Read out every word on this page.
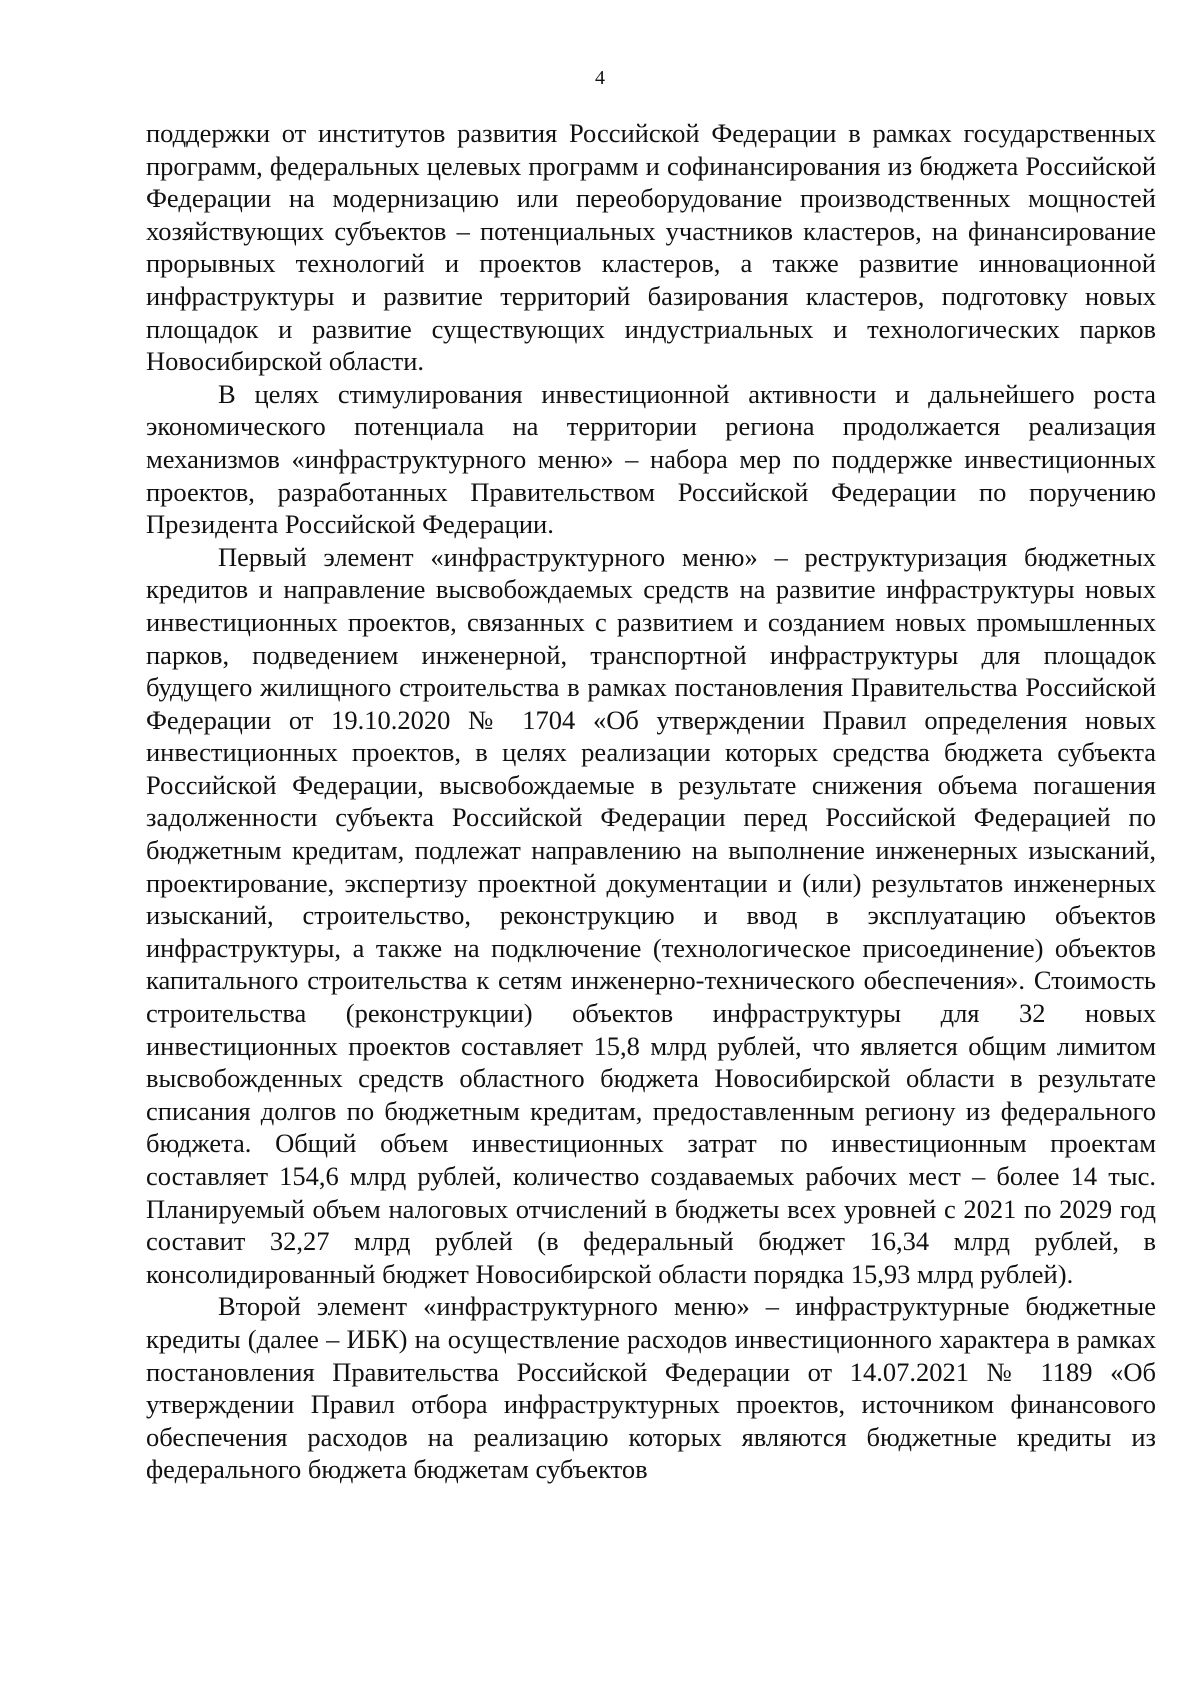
4

поддержки от институтов развития Российской Федерации в рамках государственных программ, федеральных целевых программ и софинансирования из бюджета Российской Федерации на модернизацию или переоборудование производственных мощностей хозяйствующих субъектов – потенциальных участников кластеров, на финансирование прорывных технологий и проектов кластеров, а также развитие инновационной инфраструктуры и развитие территорий базирования кластеров, подготовку новых площадок и развитие существующих индустриальных и технологических парков Новосибирской области.

В целях стимулирования инвестиционной активности и дальнейшего роста экономического потенциала на территории региона продолжается реализация механизмов «инфраструктурного меню» – набора мер по поддержке инвестиционных проектов, разработанных Правительством Российской Федерации по поручению Президента Российской Федерации.

Первый элемент «инфраструктурного меню» – реструктуризация бюджетных кредитов и направление высвобождаемых средств на развитие инфраструктуры новых инвестиционных проектов, связанных с развитием и созданием новых промышленных парков, подведением инженерной, транспортной инфраструктуры для площадок будущего жилищного строительства в рамках постановления Правительства Российской Федерации от 19.10.2020 № 1704 «Об утверждении Правил определения новых инвестиционных проектов, в целях реализации которых средства бюджета субъекта Российской Федерации, высвобождаемые в результате снижения объема погашения задолженности субъекта Российской Федерации перед Российской Федерацией по бюджетным кредитам, подлежат направлению на выполнение инженерных изысканий, проектирование, экспертизу проектной документации и (или) результатов инженерных изысканий, строительство, реконструкцию и ввод в эксплуатацию объектов инфраструктуры, а также на подключение (технологическое присоединение) объектов капитального строительства к сетям инженерно-технического обеспечения». Стоимость строительства (реконструкции) объектов инфраструктуры для 32 новых инвестиционных проектов составляет 15,8 млрд рублей, что является общим лимитом высвобожденных средств областного бюджета Новосибирской области в результате списания долгов по бюджетным кредитам, предоставленным региону из федерального бюджета. Общий объем инвестиционных затрат по инвестиционным проектам составляет 154,6 млрд рублей, количество создаваемых рабочих мест – более 14 тыс. Планируемый объем налоговых отчислений в бюджеты всех уровней с 2021 по 2029 год составит 32,27 млрд рублей (в федеральный бюджет 16,34 млрд рублей, в консолидированный бюджет Новосибирской области порядка 15,93 млрд рублей).

Второй элемент «инфраструктурного меню» – инфраструктурные бюджетные кредиты (далее – ИБК) на осуществление расходов инвестиционного характера в рамках постановления Правительства Российской Федерации от 14.07.2021 № 1189 «Об утверждении Правил отбора инфраструктурных проектов, источником финансового обеспечения расходов на реализацию которых являются бюджетные кредиты из федерального бюджета бюджетам субъектов
